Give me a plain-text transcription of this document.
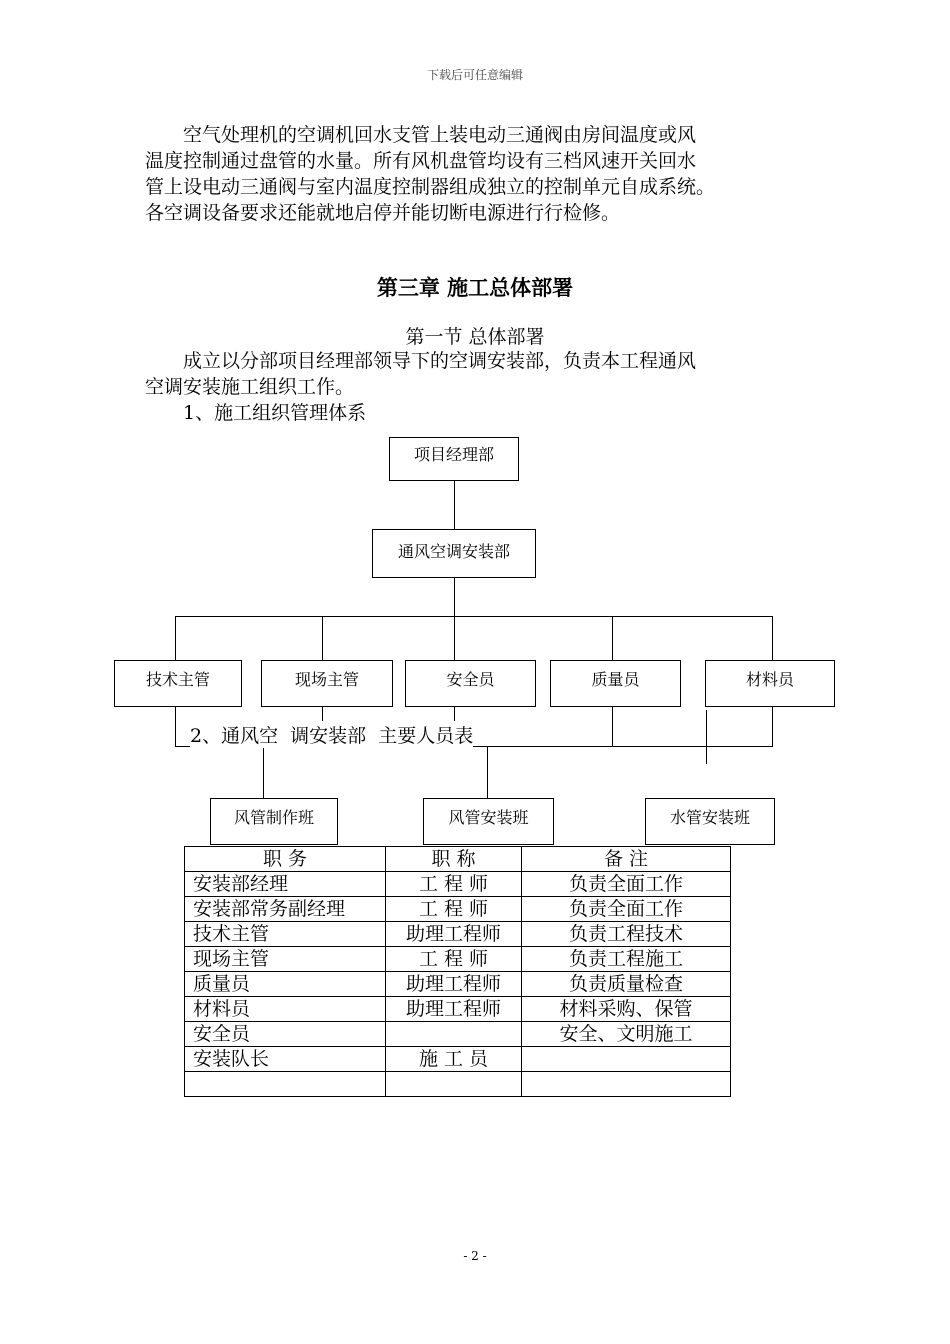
下载后可任意编辑
空气处理机的空调机回水支管上装电动三通阀由房间温度或风
温度控制通过盘管的水量。所有风机盘管均设有三档风速开关回水
管上设电动三通阀与室内温度控制器组成独立的控制单元自成系统。
各空调设备要求还能就地启停并能切断电源进行行检修。
第三章 施工总体部署
第一节 总体部署
成立以分部项目经理部领导下的空调安装部，负责本工程通风
空调安装施工组织工作。
1、施工组织管理体系
项目经理部
通风空调安装部
技术主管	现场主管	安全员	质量员	材料员
风管制作班	风管安装班	水管安装班
2、通风空  调安装部  主要人员表
职 务	职 称	备 注
安装部经理	工 程 师	负责全面工作
安装部常务副经理	工 程 师	负责全面工作
技术主管	助理工程师	负责工程技术
现场主管	工 程 师	负责工程施工
质量员	助理工程师	负责质量检查
材料员	助理工程师	材料采购、保管
安全员		安全、文明施工
安装队长	施 工 员	

- 2 -
